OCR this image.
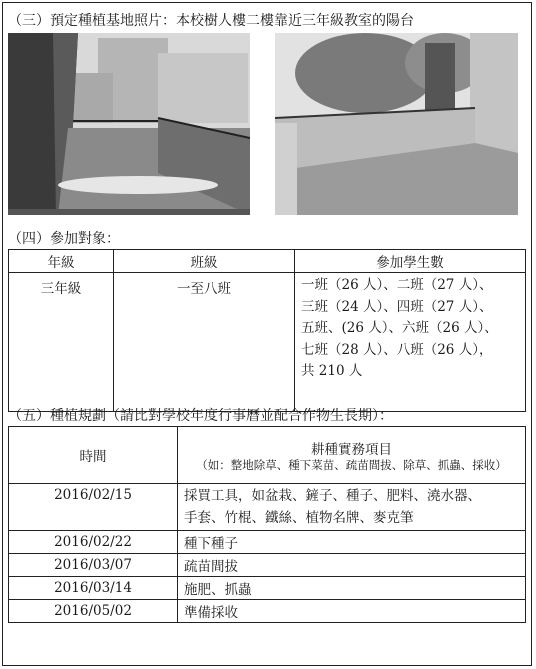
（三）預定種植基地照片：本校樹人樓二樓靠近三年級教室的陽台
（四）參加對象：
年級	班級	參加學生數
三年級	一至八班	一班（26 人）、二班（27 人）、
三班（24 人）、四班（27 人）、
五班、(26 人）、六班（26 人）、
七班（28 人）、八班（26 人），
共 210 人
（五）種植規劃（請比對學校年度行事曆並配合作物生長期）：
時間	耕種實務項目
（如：整地除草、種下菜苗、疏苗間拔、除草、抓蟲、採收）

2016/02/15	採買工具，如盆栽、鏟子、種子、肥料、澆水器、
手套、竹棍、鐵絲、植物名牌、麥克筆

2016/02/22	種下種子
2016/03/07	疏苗間拔
2016/03/14	施肥、抓蟲
2016/05/02	準備採收
